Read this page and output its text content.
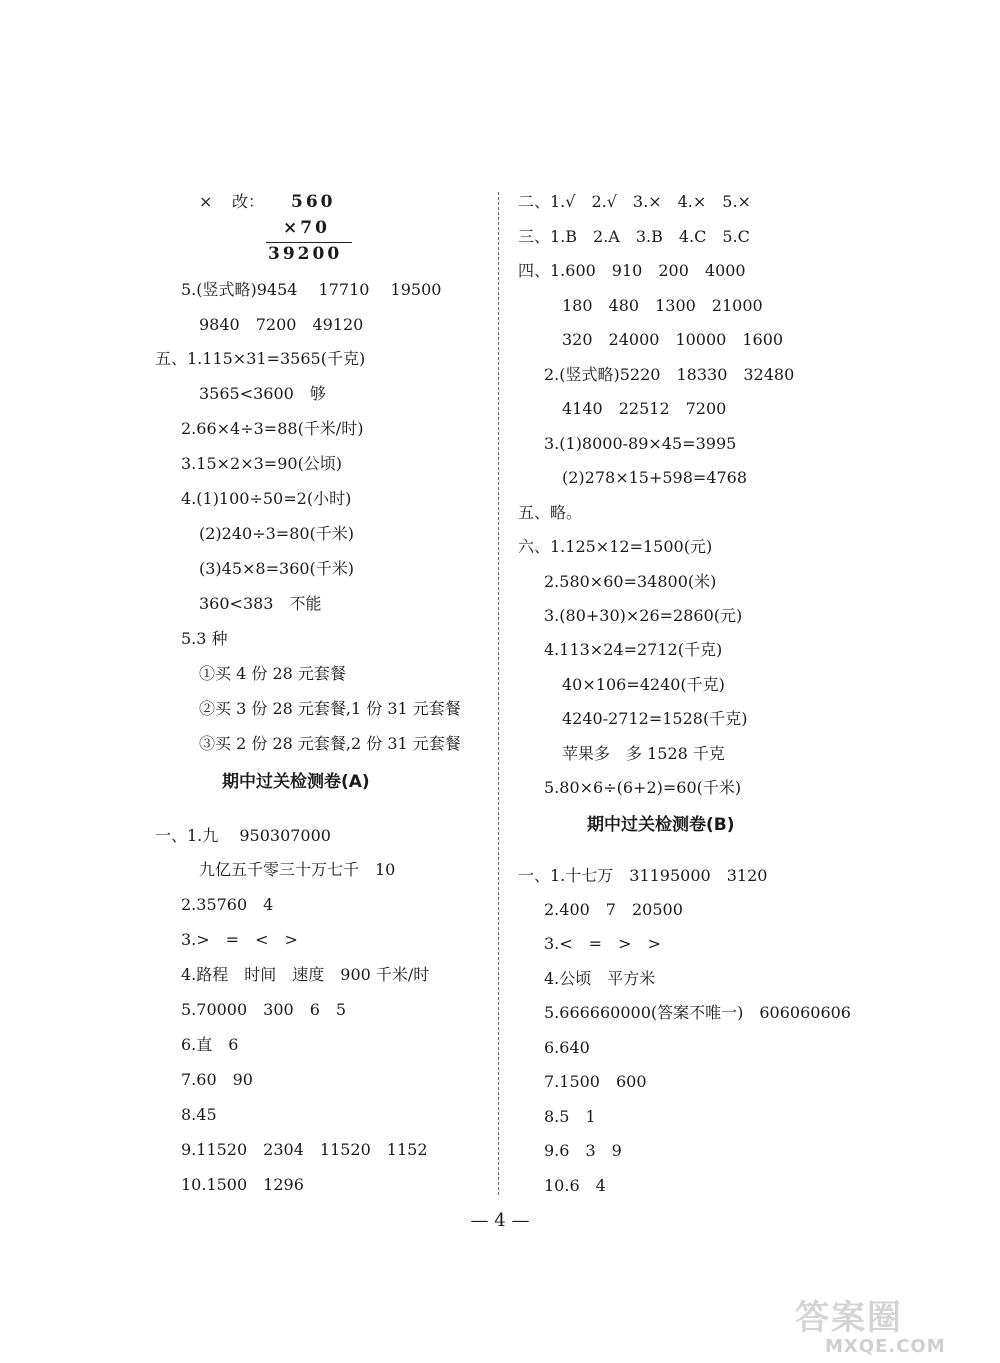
× 改： 560
×70
39200
5.(竖式略)9454　 17710　 19500
9840　7200　49120
五、1.115×31=3565(千克)
3565<3600　够
2.66×4÷3=88(千米/时)
3.15×2×3=90(公顷)
4.(1)100÷50=2(小时)
(2)240÷3=80(千米)
(3)45×8=360(千米)
360<383　不能
5.3 种
①买 4 份 28 元套餐
②买 3 份 28 元套餐,1 份 31 元套餐
③买 2 份 28 元套餐,2 份 31 元套餐
期中过关检测卷(A)
一、1.九　 950307000
九亿五千零三十万七千　10
2.35760　4
3.>　=　<　>
4.路程　时间　速度　900 千米/时
5.70000　300　6　5
6.直　6
7.60　90
8.45
9.11520　2304　11520　1152
10.1500　1296
二、1.√　2.√　3.×　4.×　5.×
三、1.B　2.A　3.B　4.C　5.C
四、1.600　910　200　4000
180　480　1300　21000
320　24000　10000　1600
2.(竖式略)5220　18330　32480
4140　22512　7200
3.(1)8000-89×45=3995
(2)278×15+598=4768
五、略。
六、1.125×12=1500(元)
2.580×60=34800(米)
3.(80+30)×26=2860(元)
4.113×24=2712(千克)
40×106=4240(千克)
4240-2712=1528(千克)
苹果多　多 1528 千克
5.80×6÷(6+2)=60(千米)
期中过关检测卷(B)
一、1.十七万　31195000　3120
2.400　7　20500
3.<　=　>　>
4.公顷　平方米
5.666660000(答案不唯一)　606060606
6.640
7.1500　600
8.5　1
9.6　3　9
10.6　4
— 4 —
答案圈
MXQE.COM
